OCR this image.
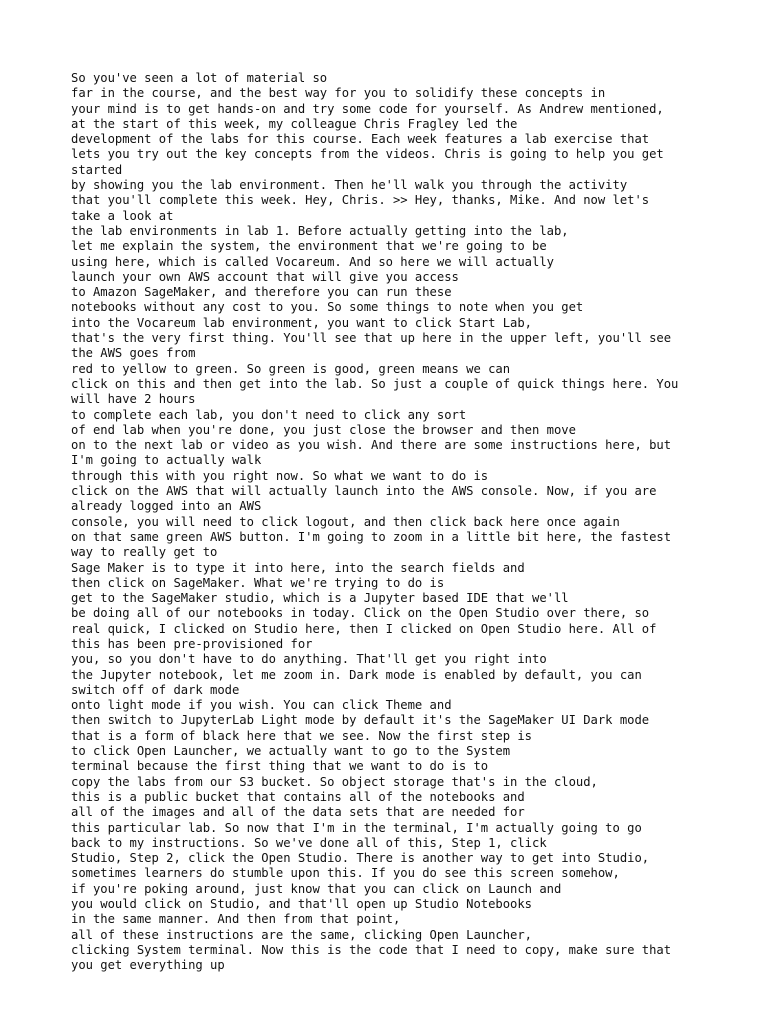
So you've seen a lot of material so
far in the course, and the best way for you to solidify these concepts in
your mind is to get hands-on and try some code for yourself. As Andrew mentioned,
at the start of this week, my colleague Chris Fragley led the
development of the labs for this course. Each week features a lab exercise that
lets you try out the key concepts from the videos. Chris is going to help you get
started
by showing you the lab environment. Then he'll walk you through the activity
that you'll complete this week. Hey, Chris. >> Hey, thanks, Mike. And now let's
take a look at
the lab environments in lab 1. Before actually getting into the lab,
let me explain the system, the environment that we're going to be
using here, which is called Vocareum. And so here we will actually
launch your own AWS account that will give you access
to Amazon SageMaker, and therefore you can run these
notebooks without any cost to you. So some things to note when you get
into the Vocareum lab environment, you want to click Start Lab,
that's the very first thing. You'll see that up here in the upper left, you'll see
the AWS goes from
red to yellow to green. So green is good, green means we can
click on this and then get into the lab. So just a couple of quick things here. You
will have 2 hours
to complete each lab, you don't need to click any sort
of end lab when you're done, you just close the browser and then move
on to the next lab or video as you wish. And there are some instructions here, but
I'm going to actually walk
through this with you right now. So what we want to do is
click on the AWS that will actually launch into the AWS console. Now, if you are
already logged into an AWS
console, you will need to click logout, and then click back here once again
on that same green AWS button. I'm going to zoom in a little bit here, the fastest
way to really get to
Sage Maker is to type it into here, into the search fields and
then click on SageMaker. What we're trying to do is
get to the SageMaker studio, which is a Jupyter based IDE that we'll
be doing all of our notebooks in today. Click on the Open Studio over there, so
real quick, I clicked on Studio here, then I clicked on Open Studio here. All of
this has been pre-provisioned for
you, so you don't have to do anything. That'll get you right into
the Jupyter notebook, let me zoom in. Dark mode is enabled by default, you can
switch off of dark mode
onto light mode if you wish. You can click Theme and
then switch to JupyterLab Light mode by default it's the SageMaker UI Dark mode
that is a form of black here that we see. Now the first step is
to click Open Launcher, we actually want to go to the System
terminal because the first thing that we want to do is to
copy the labs from our S3 bucket. So object storage that's in the cloud,
this is a public bucket that contains all of the notebooks and
all of the images and all of the data sets that are needed for
this particular lab. So now that I'm in the terminal, I'm actually going to go
back to my instructions. So we've done all of this, Step 1, click
Studio, Step 2, click the Open Studio. There is another way to get into Studio,
sometimes learners do stumble upon this. If you do see this screen somehow,
if you're poking around, just know that you can click on Launch and
you would click on Studio, and that'll open up Studio Notebooks
in the same manner. And then from that point,
all of these instructions are the same, clicking Open Launcher,
clicking System terminal. Now this is the code that I need to copy, make sure that
you get everything up
